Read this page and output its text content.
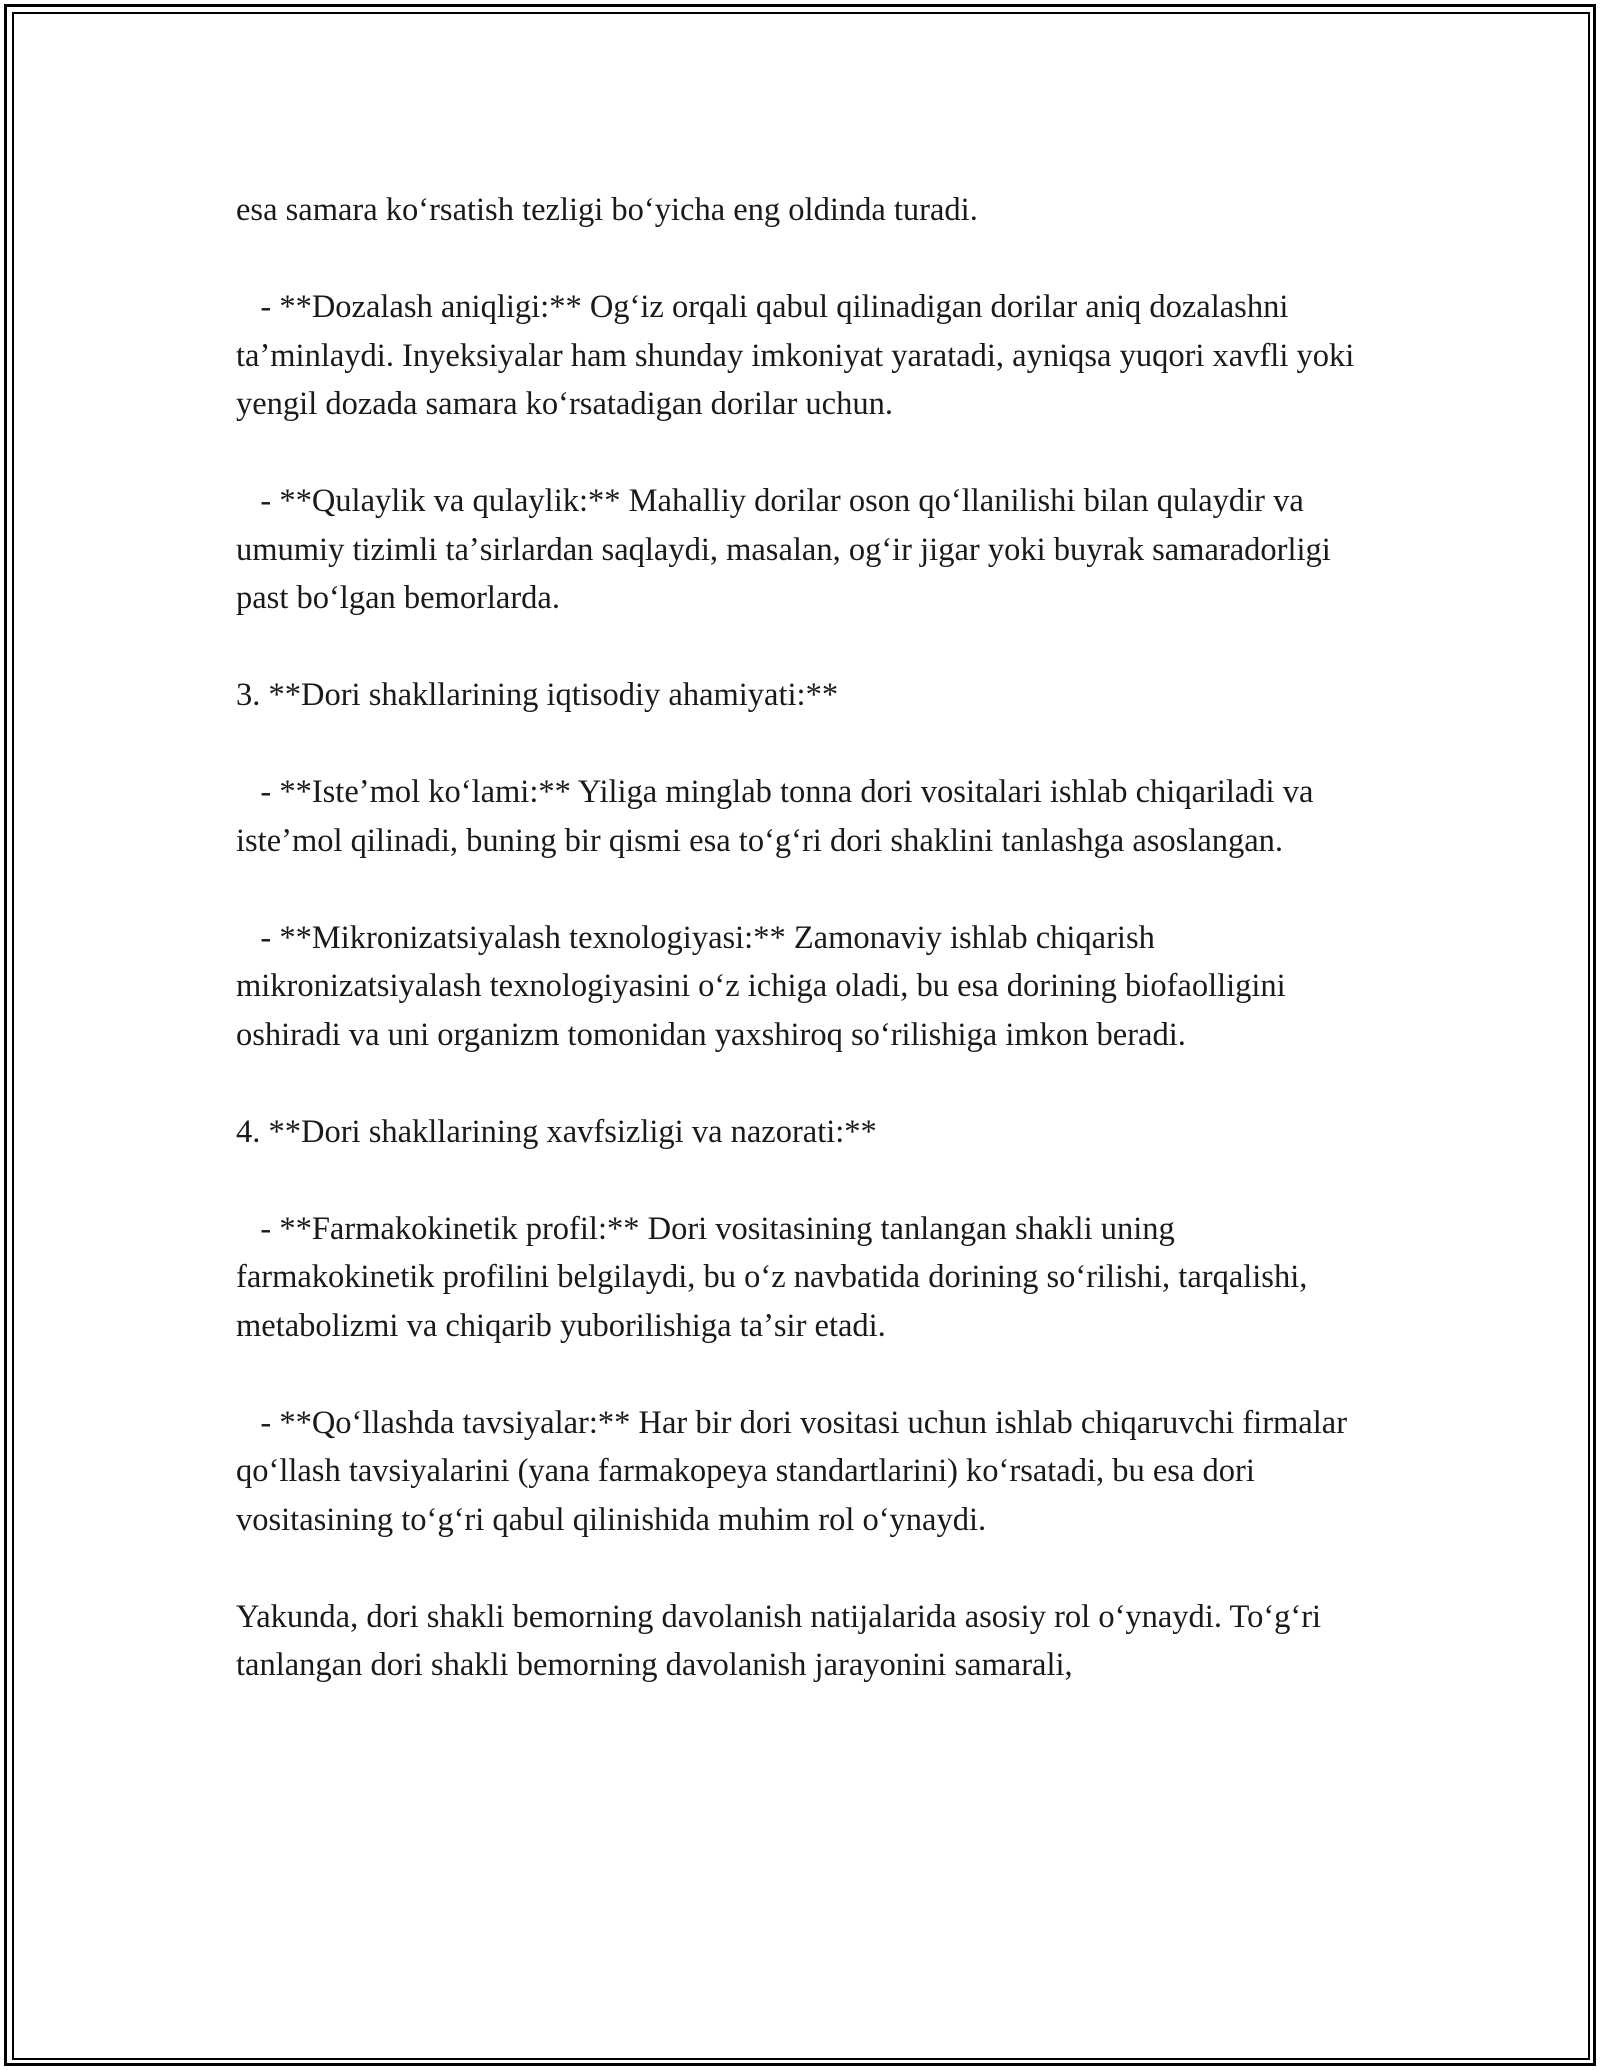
esa samara koʻrsatish tezligi boʻyicha eng oldinda turadi.

- **Dozalash aniqligi:** Ogʻiz orqali qabul qilinadigan dorilar aniq dozalashni taʼminlaydi. Inyeksiyalar ham shunday imkoniyat yaratadi, ayniqsa yuqori xavfli yoki yengil dozada samara koʻrsatadigan dorilar uchun.

- **Qulaylik va qulaylik:** Mahalliy dorilar oson qoʻllanilishi bilan qulaydir va umumiy tizimli taʼsirlardan saqlaydi, masalan, ogʻir jigar yoki buyrak samaradorligi past boʻlgan bemorlarda.

3. **Dori shakllarining iqtisodiy ahamiyati:**

- **Isteʼmol koʻlami:** Yiliga minglab tonna dori vositalari ishlab chiqariladi va isteʼmol qilinadi, buning bir qismi esa toʻgʻri dori shaklini tanlashga asoslangan.

- **Mikronizatsiyalash texnologiyasi:** Zamonaviy ishlab chiqarish mikronizatsiyalash texnologiyasini oʻz ichiga oladi, bu esa dorining biofaolligini oshiradi va uni organizm tomonidan yaxshiroq soʻrilishiga imkon beradi.

4. **Dori shakllarining xavfsizligi va nazorati:**

- **Farmakokinetik profil:** Dori vositasining tanlangan shakli uning farmakokinetik profilini belgilaydi, bu oʻz navbatida dorining soʻrilishi, tarqalishi, metabolizmi va chiqarib yuborilishiga taʼsir etadi.

- **Qoʻllashda tavsiyalar:** Har bir dori vositasi uchun ishlab chiqaruvchi firmalar qoʻllash tavsiyalarini (yana farmakopeya standartlarini) koʻrsatadi, bu esa dori vositasining toʻgʻri qabul qilinishida muhim rol oʻynaydi.

Yakunda, dori shakli bemorning davolanish natijalarida asosiy rol oʻynaydi. Toʻgʻri tanlangan dori shakli bemorning davolanish jarayonini samarali,
